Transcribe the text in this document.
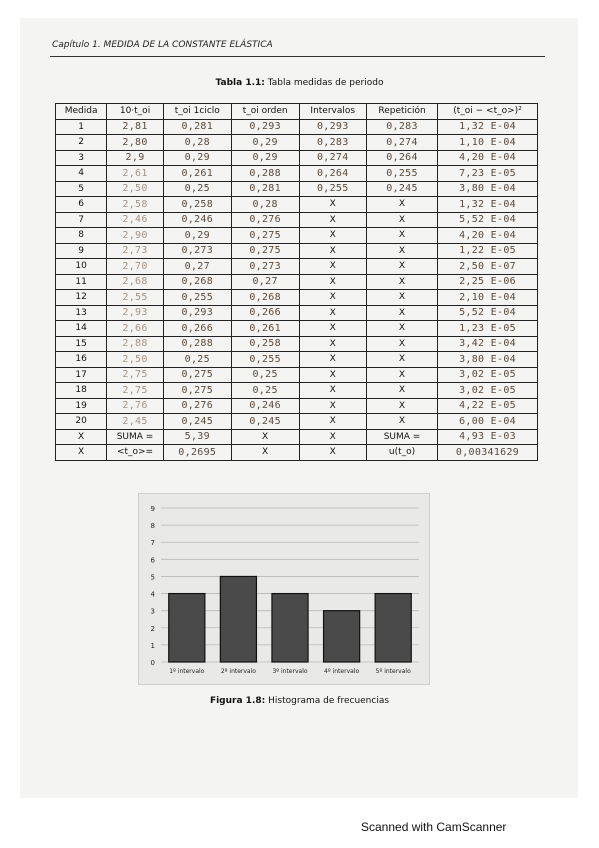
Capítulo 1. MEDIDA DE LA CONSTANTE ELÁSTICA
Tabla 1.1: Tabla medidas de periodo
Medida	10·t_oi	t_oi 1ciclo	t_oi orden	Intervalos	Repetición	(t_oi − <t_o>)²
1	2,81	0,281	0,293	0,293	0,283	1,32 E-04
2	2,80	0,28	0,29	0,283	0,274	1,10 E-04
3	2,9	0,29	0,29	0,274	0,264	4,20 E-04
4	2,61	0,261	0,288	0,264	0,255	7,23 E-05
5	2,50	0,25	0,281	0,255	0,245	3,80 E-04
6	2,58	0,258	0,28	X	X	1,32 E-04
7	2,46	0,246	0,276	X	X	5,52 E-04
8	2,90	0,29	0,275	X	X	4,20 E-04
9	2,73	0,273	0,275	X	X	1,22 E-05
10	2,70	0,27	0,273	X	X	2,50 E-07
11	2,68	0,268	0,27	X	X	2,25 E-06
12	2,55	0,255	0,268	X	X	2,10 E-04
13	2,93	0,293	0,266	X	X	5,52 E-04
14	2,66	0,266	0,261	X	X	1,23 E-05
15	2,88	0,288	0,258	X	X	3,42 E-04
16	2,50	0,25	0,255	X	X	3,80 E-04
17	2,75	0,275	0,25	X	X	3,02 E-05
18	2,75	0,275	0,25	X	X	3,02 E-05
19	2,76	0,276	0,246	X	X	4,22 E-05
20	2,45	0,245	0,245	X	X	6,00 E-04
X	SUMA =	5,39	X	X	SUMA =	4,93 E-03
X	<t_o>=	0,2695	X	X	u(t_o)	0,00341629
0
1
2
3
4
5
6
7
8
9
1º intervalo	2º intervalo	3º intervalo	4º intervalo	5º intervalo
Figura 1.8: Histograma de frecuencias
Scanned with CamScanner
